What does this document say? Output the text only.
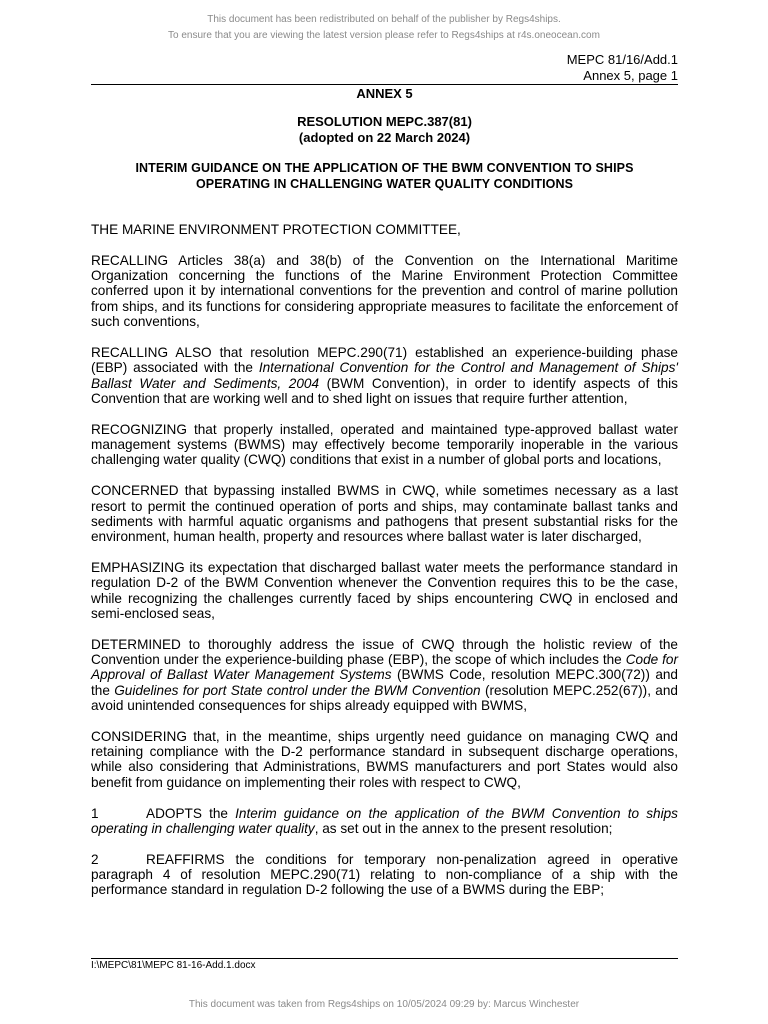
This document has been redistributed on behalf of the publisher by Regs4ships.
To ensure that you are viewing the latest version please refer to Regs4ships at r4s.oneocean.com
MEPC 81/16/Add.1
Annex 5, page 1
ANNEX 5
RESOLUTION MEPC.387(81)
(adopted on 22 March 2024)
INTERIM GUIDANCE ON THE APPLICATION OF THE BWM CONVENTION TO SHIPS
OPERATING IN CHALLENGING WATER QUALITY CONDITIONS

THE MARINE ENVIRONMENT PROTECTION COMMITTEE,

RECALLING Articles 38(a) and 38(b) of the Convention on the International Maritime Organization concerning the functions of the Marine Environment Protection Committee conferred upon it by international conventions for the prevention and control of marine pollution from ships, and its functions for considering appropriate measures to facilitate the enforcement of such conventions,

RECALLING ALSO that resolution MEPC.290(71) established an experience-building phase (EBP) associated with the International Convention for the Control and Management of Ships' Ballast Water and Sediments, 2004 (BWM Convention), in order to identify aspects of this Convention that are working well and to shed light on issues that require further attention,

RECOGNIZING that properly installed, operated and maintained type-approved ballast water management systems (BWMS) may effectively become temporarily inoperable in the various challenging water quality (CWQ) conditions that exist in a number of global ports and locations,

CONCERNED that bypassing installed BWMS in CWQ, while sometimes necessary as a last resort to permit the continued operation of ports and ships, may contaminate ballast tanks and sediments with harmful aquatic organisms and pathogens that present substantial risks for the environment, human health, property and resources where ballast water is later discharged,

EMPHASIZING its expectation that discharged ballast water meets the performance standard in regulation D-2 of the BWM Convention whenever the Convention requires this to be the case, while recognizing the challenges currently faced by ships encountering CWQ in enclosed and semi-enclosed seas,

DETERMINED to thoroughly address the issue of CWQ through the holistic review of the Convention under the experience-building phase (EBP), the scope of which includes the Code for Approval of Ballast Water Management Systems (BWMS Code, resolution MEPC.300(72)) and the Guidelines for port State control under the BWM Convention (resolution MEPC.252(67)), and avoid unintended consequences for ships already equipped with BWMS,

CONSIDERING that, in the meantime, ships urgently need guidance on managing CWQ and retaining compliance with the D-2 performance standard in subsequent discharge operations, while also considering that Administrations, BWMS manufacturers and port States would also benefit from guidance on implementing their roles with respect to CWQ,

1	ADOPTS the Interim guidance on the application of the BWM Convention to ships operating in challenging water quality, as set out in the annex to the present resolution;

2	REAFFIRMS the conditions for temporary non-penalization agreed in operative paragraph 4 of resolution MEPC.290(71) relating to non-compliance of a ship with the performance standard in regulation D-2 following the use of a BWMS during the EBP;

I:\MEPC\81\MEPC 81-16-Add.1.docx
This document was taken from Regs4ships on 10/05/2024 09:29 by: Marcus Winchester
